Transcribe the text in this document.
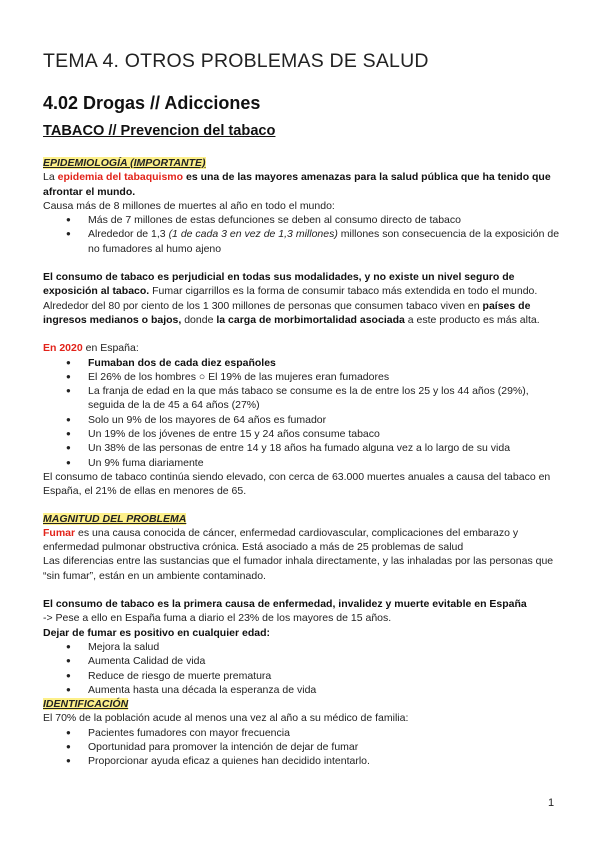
TEMA 4. OTROS PROBLEMAS DE SALUD
4.02 Drogas // Adicciones
TABACO // Prevencion del tabaco

EPIDEMIOLOGÍA (IMPORTANTE)

La epidemia del tabaquismo es una de las mayores amenazas para la salud pública que ha tenido que afrontar el mundo.

Causa más de 8 millones de muertes al año en todo el mundo:

● Más de 7 millones de estas defunciones se deben al consumo directo de tabaco
● Alrededor de 1,3 (1 de cada 3 en vez de 1,3 millones) millones son consecuencia de la exposición de no fumadores al humo ajeno

El consumo de tabaco es perjudicial en todas sus modalidades, y no existe un nivel seguro de exposición al tabaco. Fumar cigarrillos es la forma de consumir tabaco más extendida en todo el mundo. Alrededor del 80 por ciento de los 1 300 millones de personas que consumen tabaco viven en países de ingresos medianos o bajos, donde la carga de morbimortalidad asociada a este producto es más alta.

En 2020 en España:

● Fumaban dos de cada diez españoles
● El 26% de los hombres ○ El 19% de las mujeres eran fumadores
● La franja de edad en la que más tabaco se consume es la de entre los 25 y los 44 años (29%), seguida de la de 45 a 64 años (27%)
● Solo un 9% de los mayores de 64 años es fumador
● Un 19% de los jóvenes de entre 15 y 24 años consume tabaco
● Un 38% de las personas de entre 14 y 18 años ha fumado alguna vez a lo largo de su vida
● Un 9% fuma diariamente

El consumo de tabaco continúa siendo elevado, con cerca de 63.000 muertes anuales a causa del tabaco en España, el 21% de ellas en menores de 65.

MAGNITUD DEL PROBLEMA

Fumar es una causa conocida de cáncer, enfermedad cardiovascular, complicaciones del embarazo y enfermedad pulmonar obstructiva crónica. Está asociado a más de 25 problemas de salud

Las diferencias entre las sustancias que el fumador inhala directamente, y las inhaladas por las personas que “sin fumar”, están en un ambiente contaminado.

El consumo de tabaco es la primera causa de enfermedad, invalidez y muerte evitable en España

-> Pese a ello en España fuma a diario el 23% de los mayores de 15 años.

Dejar de fumar es positivo en cualquier edad:

● Mejora la salud
● Aumenta Calidad de vida
● Reduce de riesgo de muerte prematura
● Aumenta hasta una década la esperanza de vida

IDENTIFICACIÓN

El 70% de la población acude al menos una vez al año a su médico de familia:

● Pacientes fumadores con mayor frecuencia
● Oportunidad para promover la intención de dejar de fumar
● Proporcionar ayuda eficaz a quienes han decidido intentarlo.
1
